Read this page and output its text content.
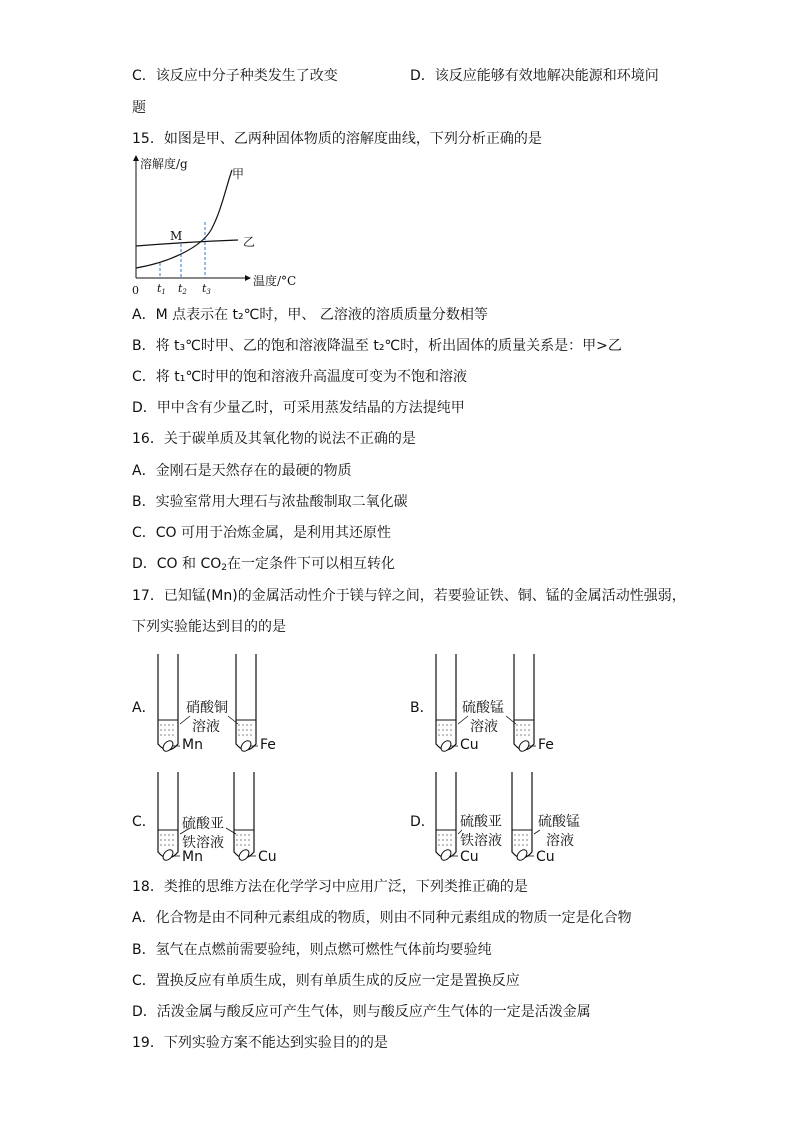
C．该反应中分子种类发生了改变	D．该反应能够有效地解决能源和环境问
题
15．如图是甲、乙两种固体物质的溶解度曲线，下列分析正确的是
溶解度/g
温度/°C
0
甲
乙
M
t1 t2 t3
A．M 点表示在 t₂℃时，甲、 乙溶液的溶质质量分数相等
B．将 t₃℃时甲、乙的饱和溶液降温至 t₂℃时，析出固体的质量关系是：甲>乙
C．将 t₁℃时甲的饱和溶液升高温度可变为不饱和溶液
D．甲中含有少量乙时，可采用蒸发结晶的方法提纯甲
16．关于碳单质及其氧化物的说法不正确的是
A．金刚石是天然存在的最硬的物质
B．实验室常用大理石与浓盐酸制取二氧化碳
C．CO 可用于冶炼金属，是利用其还原性
D．CO 和 $CO_2$在一定条件下可以相互转化
17．已知锰(Mn)的金属活动性介于镁与锌之间，若要验证铁、铜、锰的金属活动性强弱，
下列实验能达到目的的是
A． 硝酸铜
溶液
Mn	Fe
B． 硫酸锰
溶液
Cu	Fe
C． 硫酸亚
铁溶液
Mn	Cu
D． 硫酸亚
铁溶液
硫酸锰
溶液
Cu	Cu
18．类推的思维方法在化学学习中应用广泛，下列类推正确的是
A．化合物是由不同种元素组成的物质，则由不同种元素组成的物质一定是化合物
B．氢气在点燃前需要验纯，则点燃可燃性气体前均要验纯
C．置换反应有单质生成，则有单质生成的反应一定是置换反应
D．活泼金属与酸反应可产生气体，则与酸反应产生气体的一定是活泼金属
19．下列实验方案不能达到实验目的的是
